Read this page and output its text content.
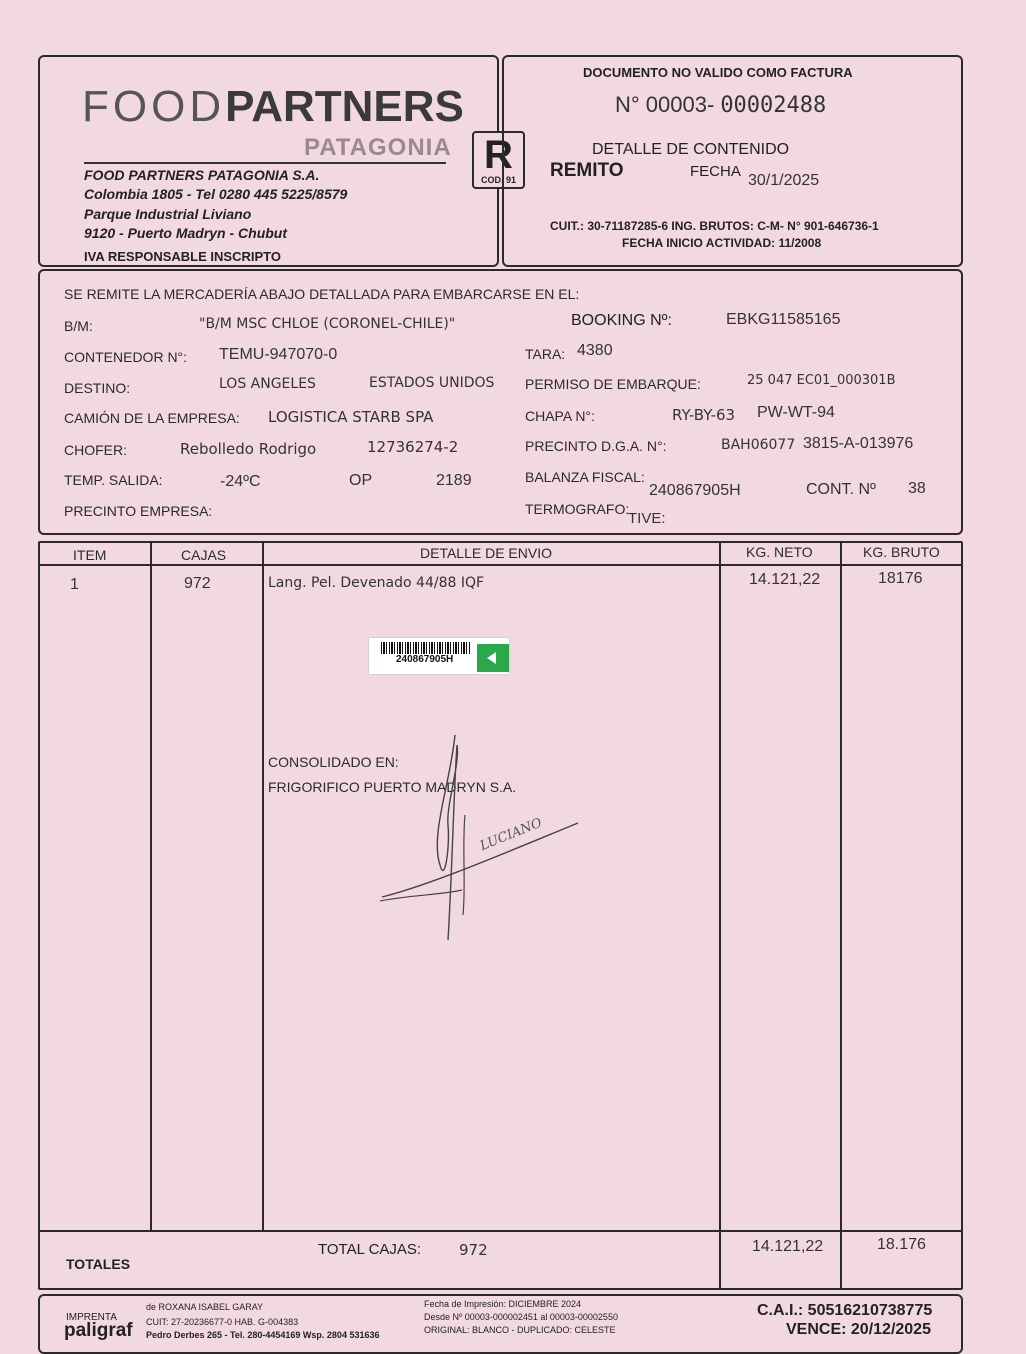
FOODPARTNERS
PATAGONIA
FOOD PARTNERS PATAGONIA S.A.
Colombia 1805 - Tel 0280 445 5225/8579
Parque Industrial Liviano
9120 - Puerto Madryn - Chubut
IVA RESPONSABLE INSCRIPTO
R
COD. 91
DOCUMENTO NO VALIDO COMO FACTURA
N° 00003- 00002488
DETALLE DE CONTENIDO
REMITO	FECHA
30/1/2025
CUIT.: 30-71187285-6 ING. BRUTOS: C-M- N° 901-646736-1
FECHA INICIO ACTIVIDAD: 11/2008
SE REMITE LA MERCADERÍA ABAJO DETALLADA PARA EMBARCARSE EN EL:
B/M:	"B/M MSC CHLOE (CORONEL-CHILE)"	BOOKING Nº:	EBKG11585165
CONTENEDOR N°: TEMU-947070-0	TARA: 4380
DESTINO:	LOS ANGELES	ESTADOS UNIDOS PERMISO DE EMBARQUE:	25 047 EC01_000301B
CAMIÓN DE LA EMPRESA: LOGISTICA STARB SPA	CHAPA N°:	RY-BY-63 PW-WT-94
CHOFER:	Rebolledo Rodrigo	12736274-2	PRECINTO D.G.A. N°:	BAH06077 3815-A-013976
TEMP. SALIDA:	-24ºC	OP	2189	BALANZA FISCAL:
240867905H	CONT. Nº 38
PRECINTO EMPRESA:	TERMOGRAFO:
TIVE:
ITEM	CAJAS	DETALLE DE ENVIO	KG. NETO	KG. BRUTO
1	972	Lang. Pel. Devenado 44/88 IQF	14.121,22	18176
240867905H
CONSOLIDADO EN:
FRIGORIFICO PUERTO MADRYN S.A.
LUCIANO
TOTALES
TOTAL CAJAS:	972	14.121,22	18.176
IMPRENTA
paligraf
de ROXANA ISABEL GARAY
CUIT: 27-20236677-0 HAB. G-004383
Pedro Derbes 265 - Tel. 280-4454169 Wsp. 2804 531636
Fecha de Impresión: DICIEMBRE 2024
Desde Nº 00003-000002451 al 00003-00002550
ORIGINAL: BLANCO - DUPLICADO: CELESTE
C.A.I.: 50516210738775
VENCE: 20/12/2025
